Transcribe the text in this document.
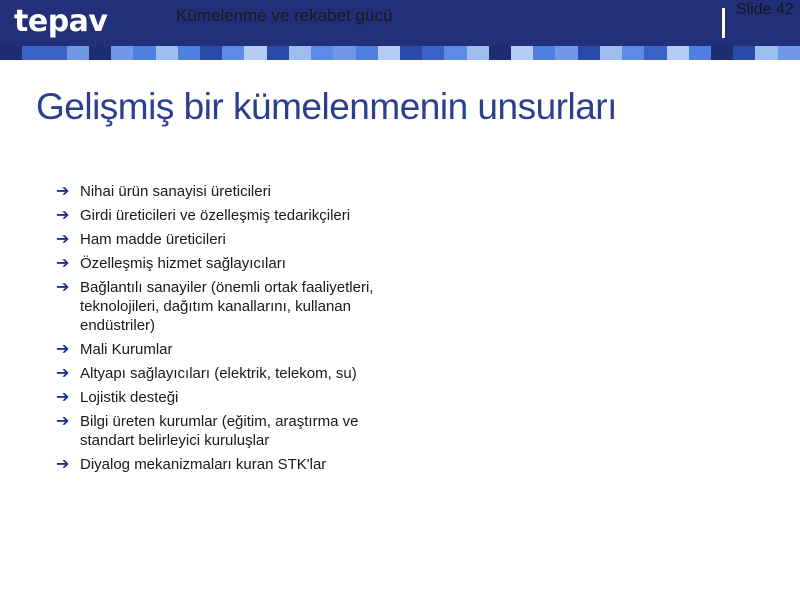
tepav	Kümelenme ve rekabet gücü	Slide 42
Gelişmiş bir kümelenmenin unsurları
➔ Nihai ürün sanayisi üreticileri
➔ Girdi üreticileri ve özelleşmiş tedarikçileri
➔ Ham madde üreticileri
➔ Özelleşmiş hizmet sağlayıcıları
➔ Bağlantılı sanayiler (önemli ortak faaliyetleri, teknolojileri, dağıtım kanallarını, kullanan endüstriler)
➔ Mali Kurumlar
➔ Altyapı sağlayıcıları (elektrik, telekom, su)
➔ Lojistik desteği
➔ Bilgi üreten kurumlar (eğitim, araştırma ve standart belirleyici kuruluşlar
➔ Diyalog mekanizmaları kuran STK'lar
